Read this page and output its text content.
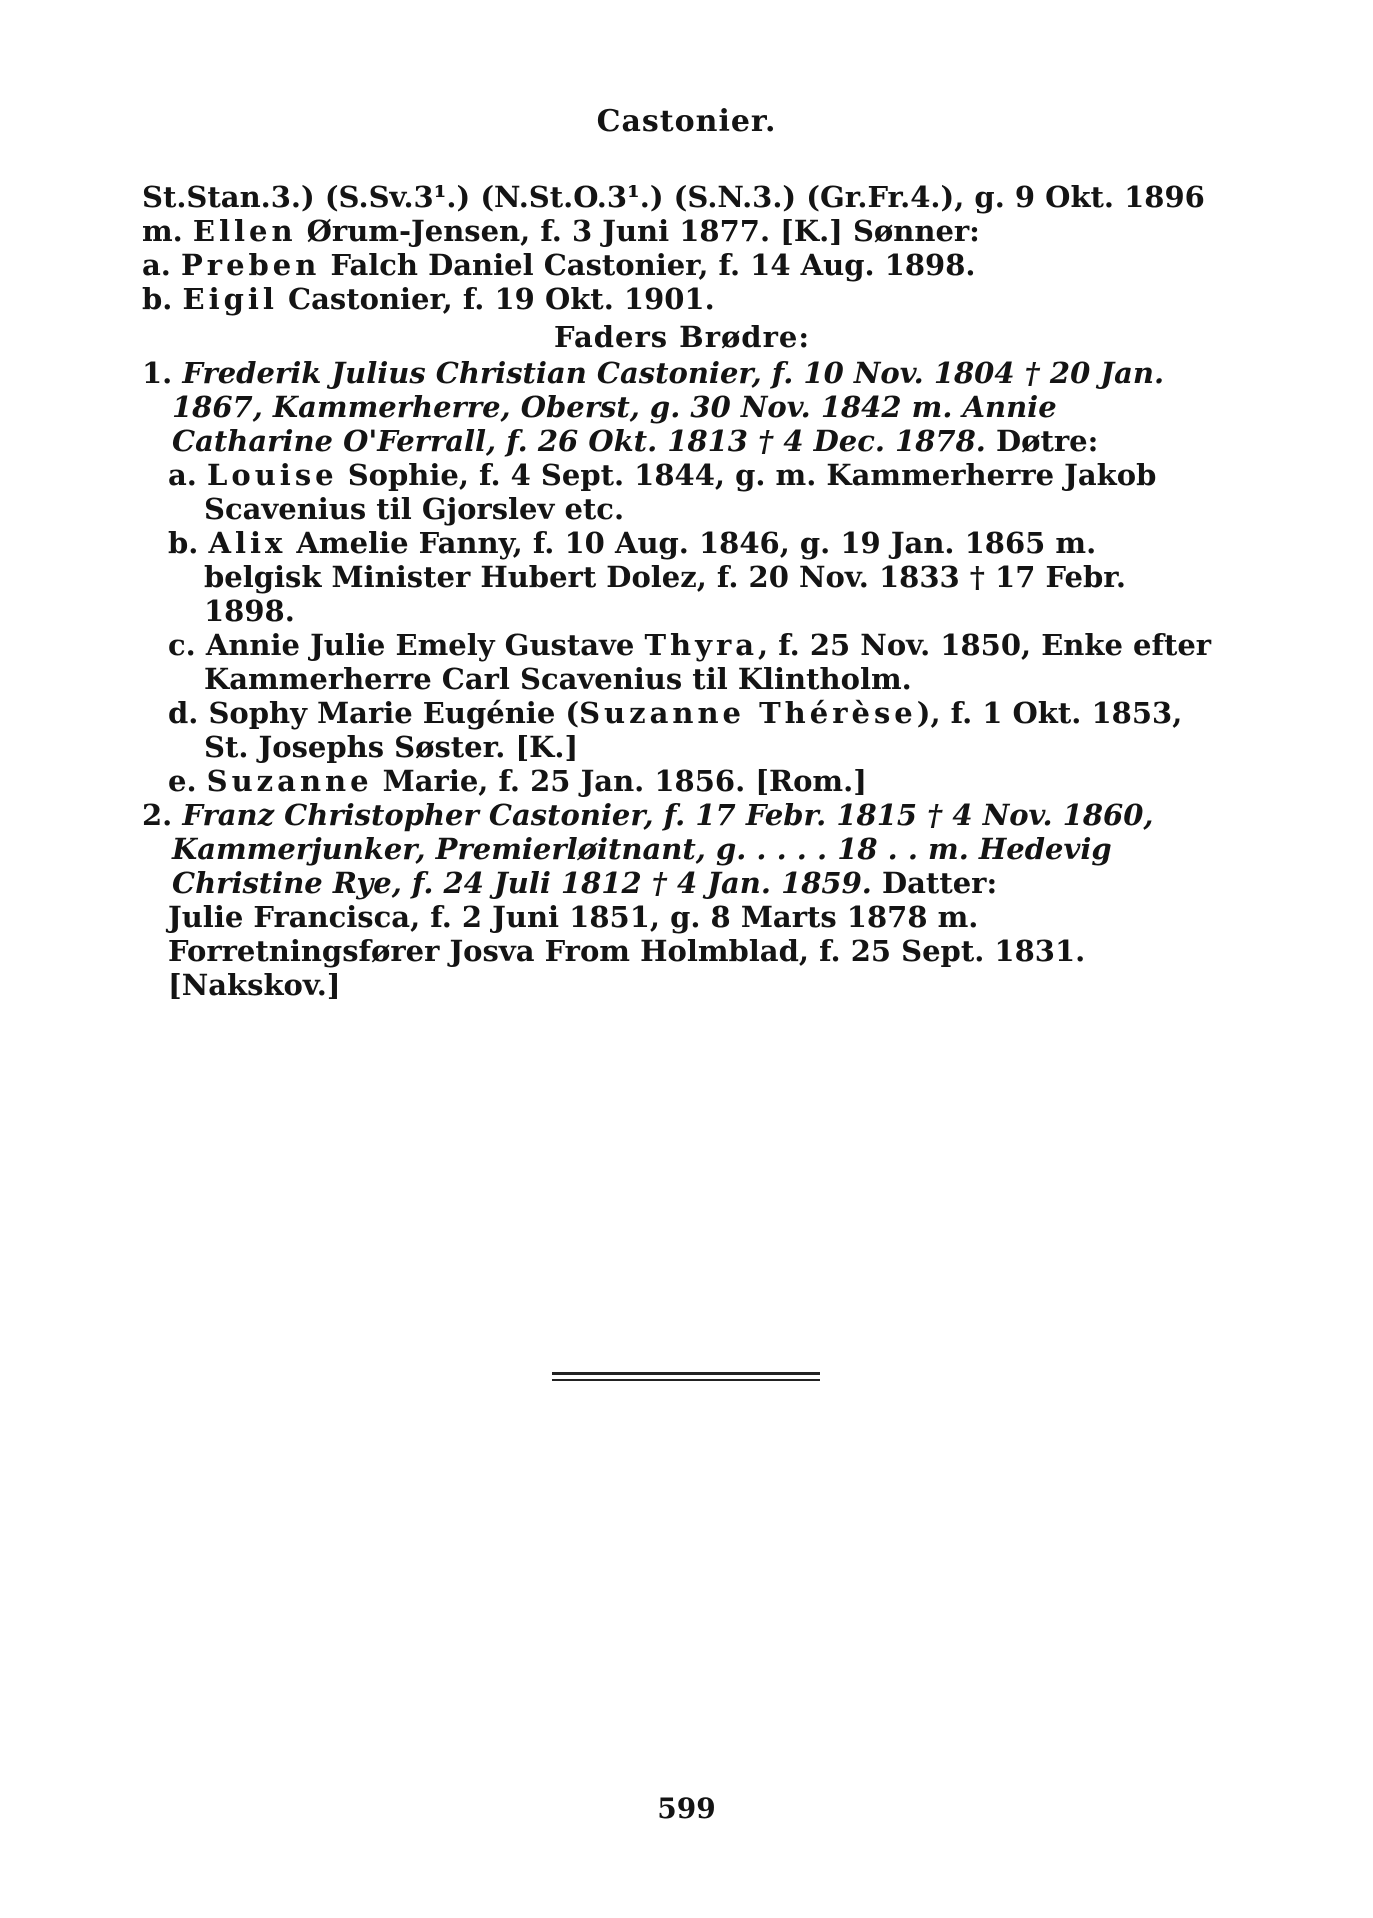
Castonier.

St.Stan.3.) (S.Sv.3¹.) (N.St.O.3¹.) (S.N.3.) (Gr.Fr.4.), g. 9 Okt. 1896

m. Ellen Ørum-Jensen, f. 3 Juni 1877. [K.] Sønner:

a. Preben Falch Daniel Castonier, f. 14 Aug. 1898.

b. Eigil Castonier, f. 19 Okt. 1901.

Faders Brødre:

1. Frederik Julius Christian Castonier, f. 10 Nov. 1804 † 20 Jan. 1867, Kammerherre, Oberst, g. 30 Nov. 1842 m. Annie Catharine O'Ferrall, f. 26 Okt. 1813 † 4 Dec. 1878. Døtre:

a. Louise Sophie, f. 4 Sept. 1844, g. m. Kammerherre Jakob Scavenius til Gjorslev etc.

b. Alix Amelie Fanny, f. 10 Aug. 1846, g. 19 Jan. 1865 m. belgisk Minister Hubert Dolez, f. 20 Nov. 1833 † 17 Febr. 1898.

c. Annie Julie Emely Gustave Thyra, f. 25 Nov. 1850, Enke efter Kammerherre Carl Scavenius til Klintholm.

d. Sophy Marie Eugénie (Suzanne Thérèse), f. 1 Okt. 1853, St. Josephs Søster. [K.]

e. Suzanne Marie, f. 25 Jan. 1856. [Rom.]

2. Franz Christopher Castonier, f. 17 Febr. 1815 † 4 Nov. 1860, Kammerjunker, Premierløitnant, g. . . . . 18 . . m. Hedevig Christine Rye, f. 24 Juli 1812 † 4 Jan. 1859. Datter:

Julie Francisca, f. 2 Juni 1851, g. 8 Marts 1878 m. Forretningsfører Josva From Holmblad, f. 25 Sept. 1831. [Nakskov.]

599
